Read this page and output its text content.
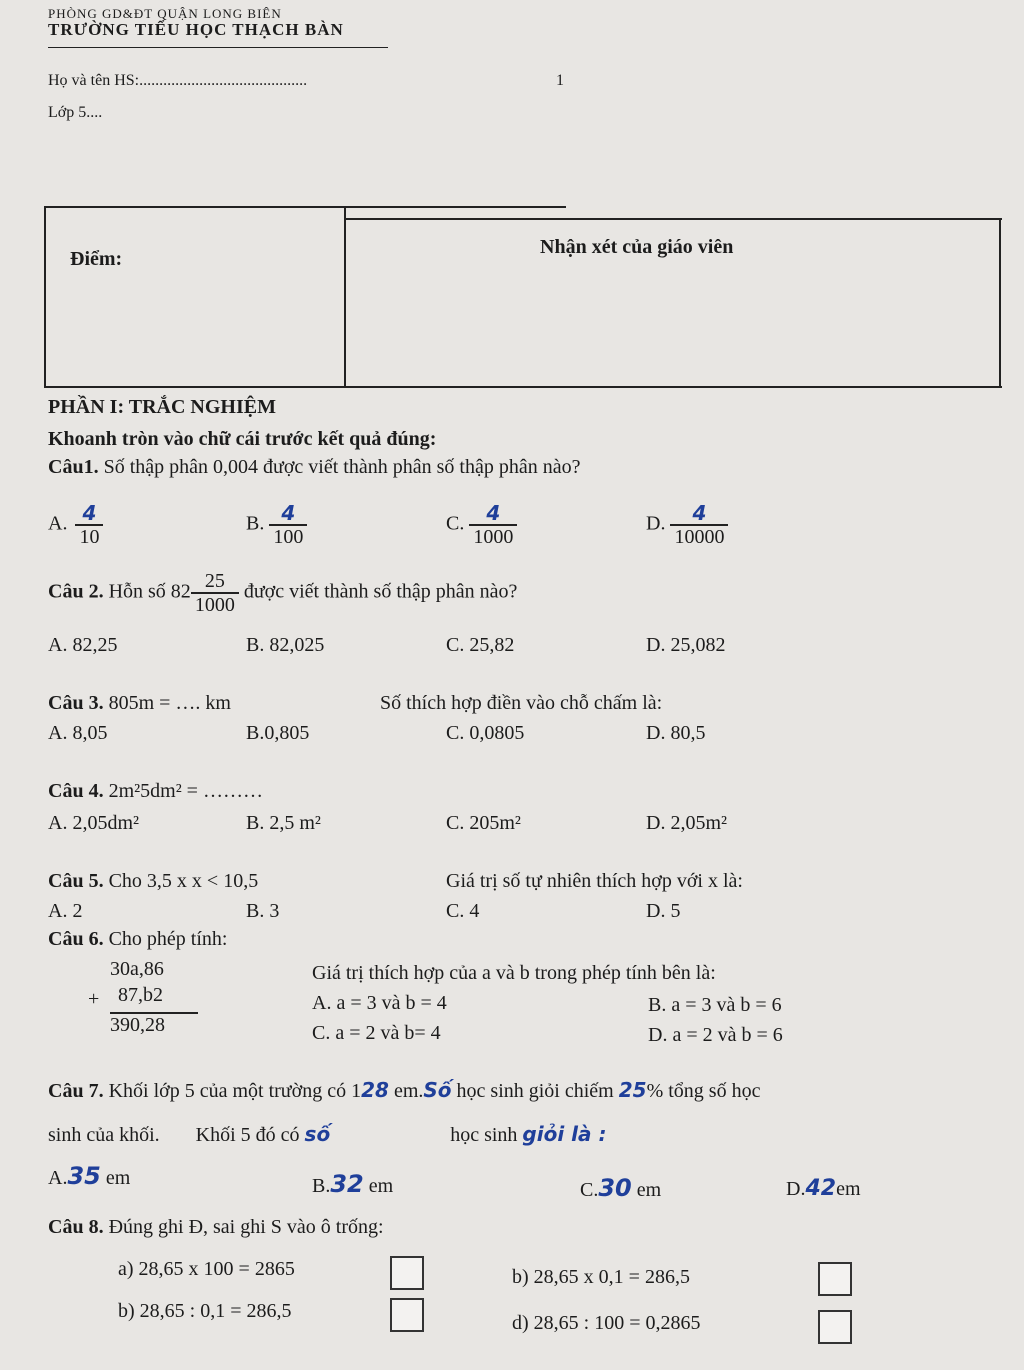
PHÒNG GD&ĐT QUẬN LONG BIÊN
TRƯỜNG TIỂU HỌC THẠCH BÀN
Họ và tên HS:..........................................	1
Lớp 5....
Điểm:
Nhận xét của giáo viên
PHẦN I: TRẮC NGHIỆM
Khoanh tròn vào chữ cái trước kết quả đúng:
Câu1. Số thập phân 0,004 được viết thành phân số thập phân nào?
A. $\frac{4}{10}$	B. $\frac{4}{100}$	C. $\frac{4}{1000}$	D. $\frac{4}{10000}$
Câu 2. Hỗn số $82 \frac{25}{1000}$ được viết thành số thập phân nào?
A. 82,25	B. 82,025	C. 25,82	D. 25,082
Câu 3. 805m = …. km	Số thích hợp điền vào chỗ chấm là:
A. 8,05	B.0,805	C. 0,0805	D. 80,5
Câu 4. 2m²5dm² = ………
A. 2,05dm²	B. 2,5 m²	C. 205m²	D. 2,05m²
Câu 5. Cho 3,5 x x < 10,5	Giá trị số tự nhiên thích hợp với x là:
A. 2	B. 3	C. 4	D. 5
Câu 6. Cho phép tính:
30a,86
+ 87,b2
390,28
Giá trị thích hợp của a và b trong phép tính bên là:
A. a = 3 và b = 4	B. a = 3 và b = 6
C. a = 2 và b= 4	D. a = 2 và b = 6
Câu 7. Khối lớp 5 của một trường có 128 em.Số học sinh giỏi chiếm 25% tổng số học
sinh của khối. Khối 5 đó có số	học sinh giỏi là :
A.35 em	B.32 em	C.30 em	D.42em
Câu 8. Đúng ghi Đ, sai ghi S vào ô trống:
a) 28,65 x 100 = 2865	b) 28,65 x 0,1 = 286,5
b) 28,65 : 0,1 = 286,5
d) 28,65 : 100 = 0,2865
